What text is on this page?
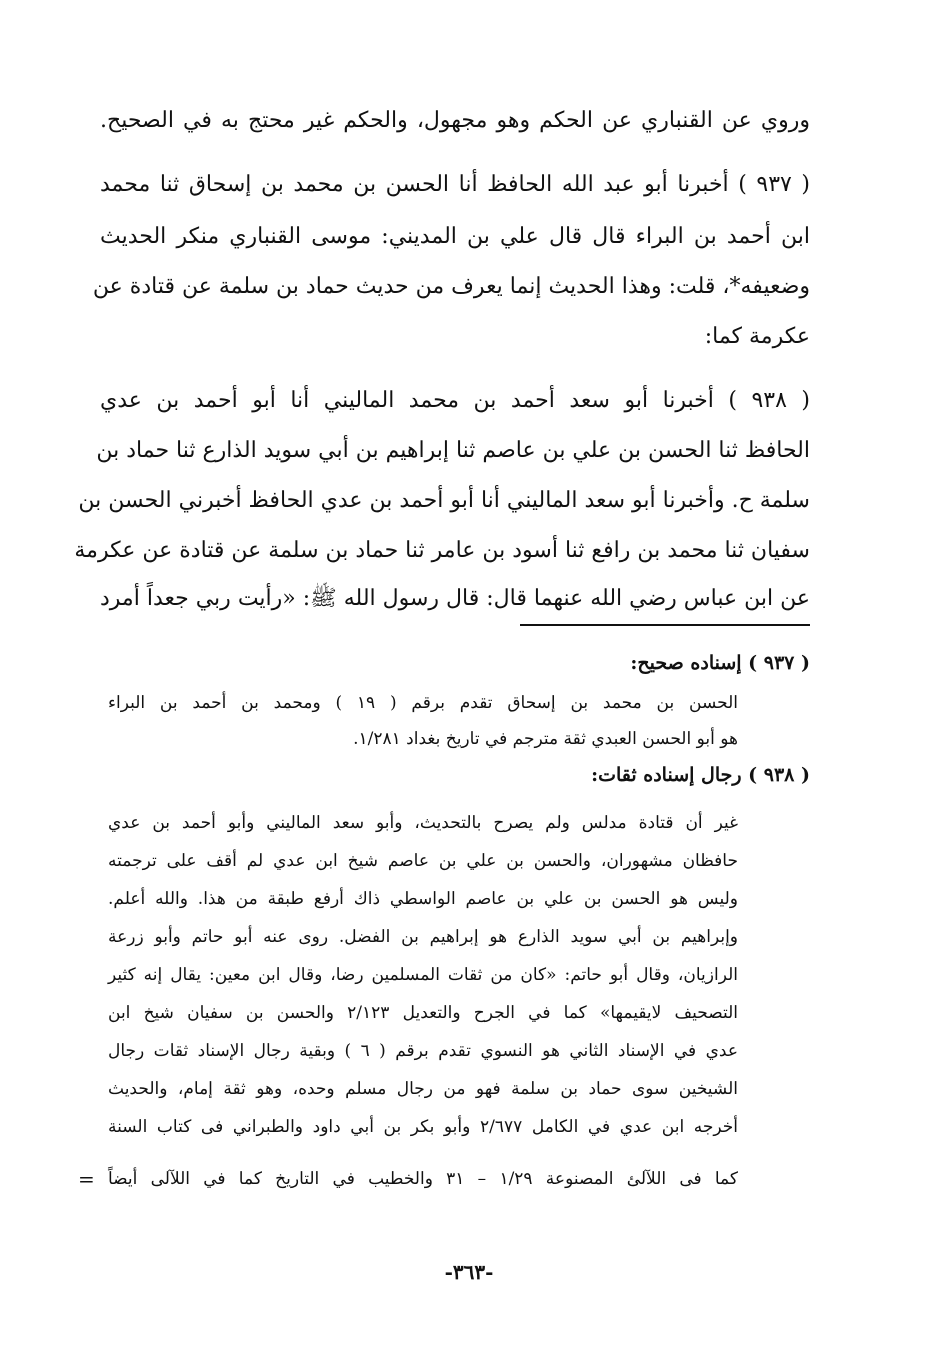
وروي عن القنباري عن الحكم وهو مجهول، والحكم غير محتج به في الصحيح.
( ٩٣٧ ) أخبرنا أبو عبد الله الحافظ أنا الحسن بن محمد بن إسحاق ثنا محمد
ابن أحمد بن البراء قال قال علي بن المديني: موسى القنباري منكر الحديث
وضعيفه*، قلت: وهذا الحديث إنما يعرف من حديث حماد بن سلمة عن قتادة عن
عكرمة كما:
( ٩٣٨ ) أخبرنا أبو سعد أحمد بن محمد الماليني أنا أبو أحمد بن عدي
الحافظ ثنا الحسن بن علي بن عاصم ثنا إبراهيم بن أبي سويد الذارع ثنا حماد بن
سلمة ح. وأخبرنا أبو سعد الماليني أنا أبو أحمد بن عدي الحافظ أخبرني الحسن بن
سفيان ثنا محمد بن رافع ثنا أسود بن عامر ثنا حماد بن سلمة عن قتادة عن عكرمة
عن ابن عباس رضي الله عنهما قال: قال رسول الله ﷺ: «رأيت ربي جعداً أمرد
( ٩٣٧ ) إسناده صحيح:
الحسن بن محمد بن إسحاق تقدم برقم ( ١٩ ) ومحمد بن أحمد بن البراء
هو أبو الحسن العبدي ثقة مترجم في تاريخ بغداد ١/٢٨١.
( ٩٣٨ ) رجال إسناده ثقات:
غير أن قتادة مدلس ولم يصرح بالتحديث، وأبو سعد الماليني وأبو أحمد بن عدي
حافظان مشهوران، والحسن بن علي بن عاصم شيخ ابن عدي لم أقف على ترجمته
وليس هو الحسن بن علي بن عاصم الواسطي ذاك أرفع طبقة من هذا. والله أعلم.
وإبراهيم بن أبي سويد الذارع هو إبراهيم بن الفضل. روى عنه أبو حاتم وأبو زرعة
الرازيان، وقال أبو حاتم: «كان من ثقات المسلمين رضا، وقال ابن معين: يقال إنه كثير
التصحيف لايقيمها» كما في الجرح والتعديل ٢/١٢٣ والحسن بن سفيان شيخ ابن
عدي في الإسناد الثاني هو النسوي تقدم برقم ( ٦ ) وبقية رجال الإسناد ثقات رجال
الشيخين سوى حماد بن سلمة فهو من رجال مسلم وحده، وهو ثقة إمام، والحديث
أخرجه ابن عدي في الكامل ٢/٦٧٧ وأبو بكر بن أبي داود والطبراني فى كتاب السنة
كما فى اللآلئ المصنوعة ١/٢٩ – ٣١ والخطيب في التاريخ كما في اللآلى أيضاً
=
-٣٦٣-
